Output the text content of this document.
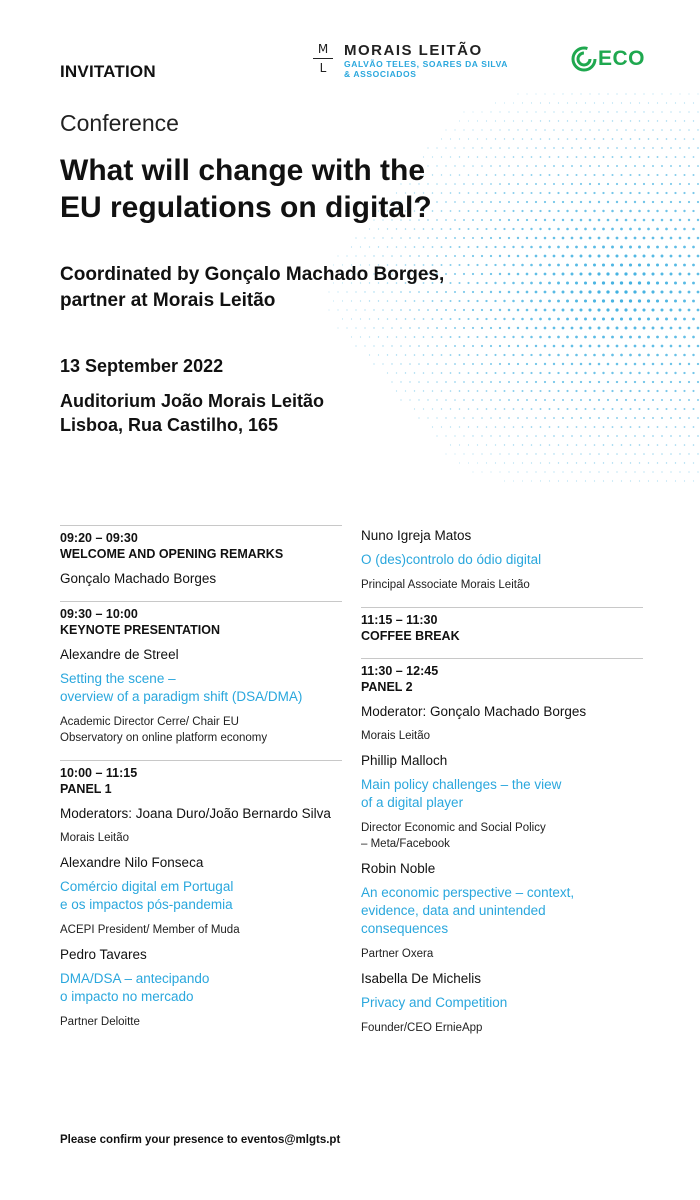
INVITATION
M
L
MORAIS LEITÃO
GALVÃO TELES, SOARES DA SILVA
& ASSOCIADOS
ECO
Conference
What will change with the
EU regulations on digital?
Coordinated by Gonçalo Machado Borges,
partner at Morais Leitão
13 September 2022
Auditorium João Morais Leitão
Lisboa, Rua Castilho, 165
09:20 – 09:30
WELCOME AND OPENING REMARKS
Gonçalo Machado Borges
09:30 – 10:00
KEYNOTE PRESENTATION
Alexandre de Streel
Setting the scene –
overview of a paradigm shift (DSA/DMA)
Academic Director Cerre/ Chair EU
Observatory on online platform economy
10:00 – 11:15
PANEL 1
Moderators: Joana Duro/João Bernardo Silva
Morais Leitão
Alexandre Nilo Fonseca
Comércio digital em Portugal
e os impactos pós-pandemia
ACEPI President/ Member of Muda
Pedro Tavares
DMA/DSA – antecipando
o impacto no mercado
Partner Deloitte
Nuno Igreja Matos
O (des)controlo do ódio digital
Principal Associate Morais Leitão
11:15 – 11:30
COFFEE BREAK
11:30 – 12:45
PANEL 2
Moderator: Gonçalo Machado Borges
Morais Leitão
Phillip Malloch
Main policy challenges – the view
of a digital player
Director Economic and Social Policy
– Meta/Facebook
Robin Noble
An economic perspective – context,
evidence, data and unintended
consequences
Partner Oxera
Isabella De Michelis
Privacy and Competition
Founder/CEO ErnieApp
Please confirm your presence to eventos@mlgts.pt
